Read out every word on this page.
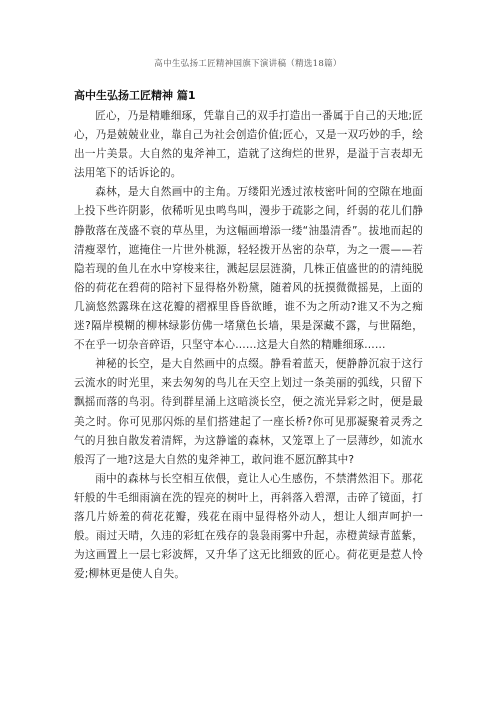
高中生弘扬工匠精神国旗下演讲稿（精选18篇）
高中生弘扬工匠精神 篇1

匠心，乃是精雕细琢，凭靠自己的双手打造出一番属于自己的天地;匠心，乃是兢兢业业，靠自己为社会创造价值;匠心，又是一双巧妙的手，绘出一片美景。大自然的鬼斧神工，造就了这绚烂的世界，是溢于言表却无法用笔下的话诉论的。

森林，是大自然画中的主角。万缕阳光透过浓枝密叶间的空隙在地面上投下些许阴影，依稀听见虫鸣鸟叫，漫步于疏影之间，纤弱的花儿们静静散落在茂盛不衰的草丛里，为这幅画增添一缕“油墨清香”。拔地而起的清瘦翠竹，遮掩住一片世外桃源，轻轻拨开丛密的杂草，为之一震——若隐若现的鱼儿在水中穿梭来往，溅起层层涟漪，几株正值盛世的的清纯脱俗的荷花在碧荷的陪衬下显得格外粉黛，随着风的抚摸微微摇晃，上面的几滴悠然露珠在这花瓣的褶褓里昏昏欲睡，谁不为之所动?谁又不为之痴迷?隔岸模糊的柳林绿影仿佛一堵黛色长墙，果是深藏不露，与世隔绝，不在乎一切杂音碎语，只坚守本心……这是大自然的精雕细琢……

神秘的长空，是大自然画中的点缀。静看着蓝天，便静静沉寂于这行云流水的时光里，来去匆匆的鸟儿在天空上划过一条美丽的弧线，只留下飘摇而落的鸟羽。待到群星涌上这暗淡长空，便之流光异彩之时，便是最美之时。你可见那闪烁的星们搭建起了一座长桥?你可见那凝聚着灵秀之气的月独自散发着清辉，为这静谧的森林，又笼罩上了一层薄纱，如流水般泻了一地?这是大自然的鬼斧神工，敢问谁不愿沉醉其中?

雨中的森林与长空相互依偎，竟让人心生感伤，不禁潸然泪下。那花轩般的牛毛细雨滴在洗的锃亮的树叶上，再斜落入碧潭，击碎了镜面，打落几片娇羞的荷花花瓣，残花在雨中显得格外动人，想让人细声呵护一般。雨过天晴，久违的彩虹在残存的袅袅雨雾中升起，赤橙黄绿青蓝紫，为这画置上一层七彩波辉，又升华了这无比细致的匠心。荷花更是惹人怜爱;柳林更是使人自失。
